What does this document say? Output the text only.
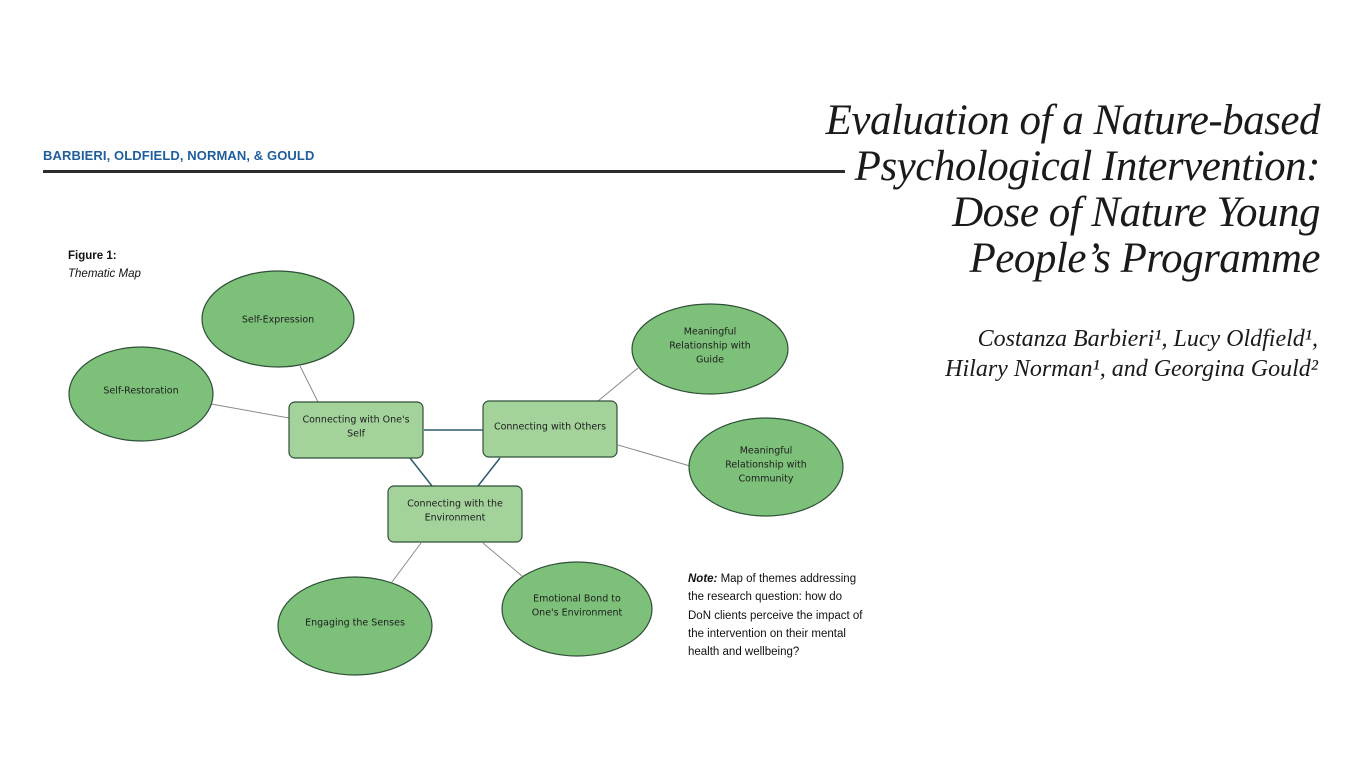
BARBIERI, OLDFIELD, NORMAN, & GOULD
Figure 1:
Thematic Map
Self-Expression
Self-Restoration
Meaningful
Relationship with
Guide
Meaningful
Relationship with
Community
Engaging the Senses
Emotional Bond to
One's Environment
Connecting with One's
Self
Connecting with Others
Connecting with the
Environment
Note: Map of themes addressing the research question: how do DoN clients perceive the impact of the intervention on their mental health and wellbeing?
Evaluation of a Nature-based
Psychological Intervention:
Dose of Nature Young
People’s Programme
Costanza Barbieri¹, Lucy Oldfield¹,
Hilary Norman¹, and Georgina Gould²
